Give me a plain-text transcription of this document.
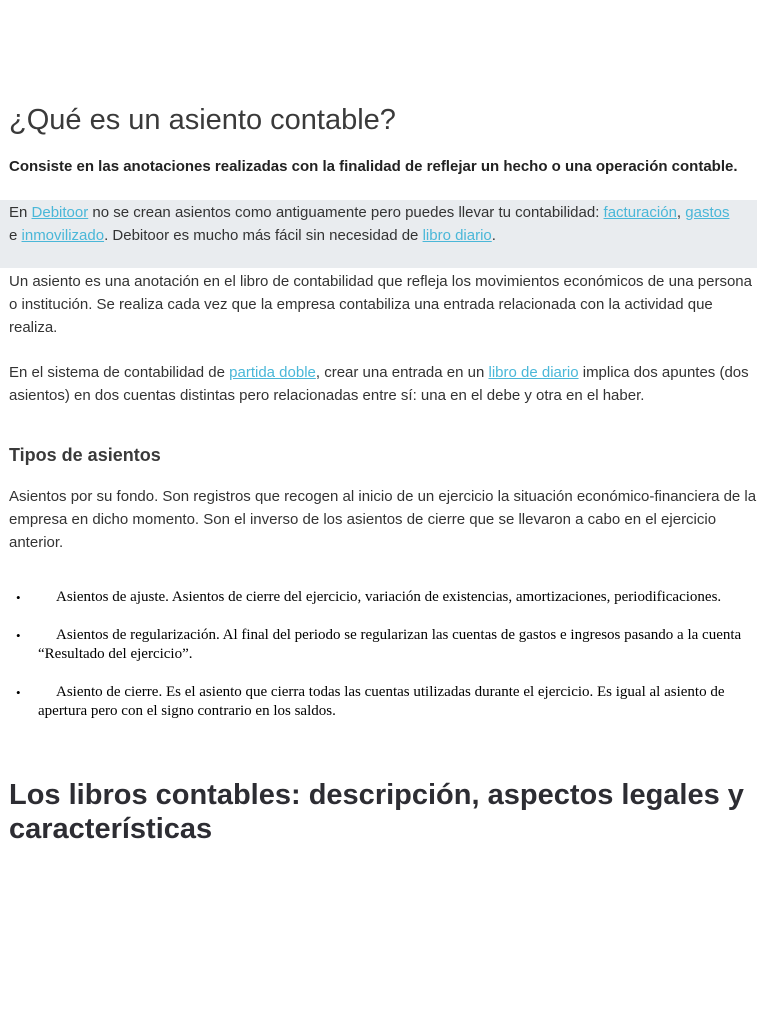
¿Qué es un asiento contable?

Consiste en las anotaciones realizadas con la finalidad de reflejar un hecho o una operación contable.

En Debitoor no se crean asientos como antiguamente pero puedes llevar tu contabilidad: facturación, gastos e inmovilizado. Debitoor es mucho más fácil sin necesidad de libro diario.

Un asiento es una anotación en el libro de contabilidad que refleja los movimientos económicos de una persona o institución. Se realiza cada vez que la empresa contabiliza una entrada relacionada con la actividad que realiza.

En el sistema de contabilidad de partida doble, crear una entrada en un libro de diario implica dos apuntes (dos asientos) en dos cuentas distintas pero relacionadas entre sí: una en el debe y otra en el haber.

Tipos de asientos

Asientos por su fondo. Son registros que recogen al inicio de un ejercicio la situación económico-financiera de la empresa en dicho momento. Son el inverso de los asientos de cierre que se llevaron a cabo en el ejercicio anterior.

• Asientos de ajuste. Asientos de cierre del ejercicio, variación de existencias, amortizaciones, periodificaciones.
• Asientos de regularización. Al final del periodo se regularizan las cuentas de gastos e ingresos pasando a la cuenta “Resultado del ejercicio”.
• Asiento de cierre. Es el asiento que cierra todas las cuentas utilizadas durante el ejercicio. Es igual al asiento de apertura pero con el signo contrario en los saldos.
Los libros contables: descripción, aspectos legales y características
